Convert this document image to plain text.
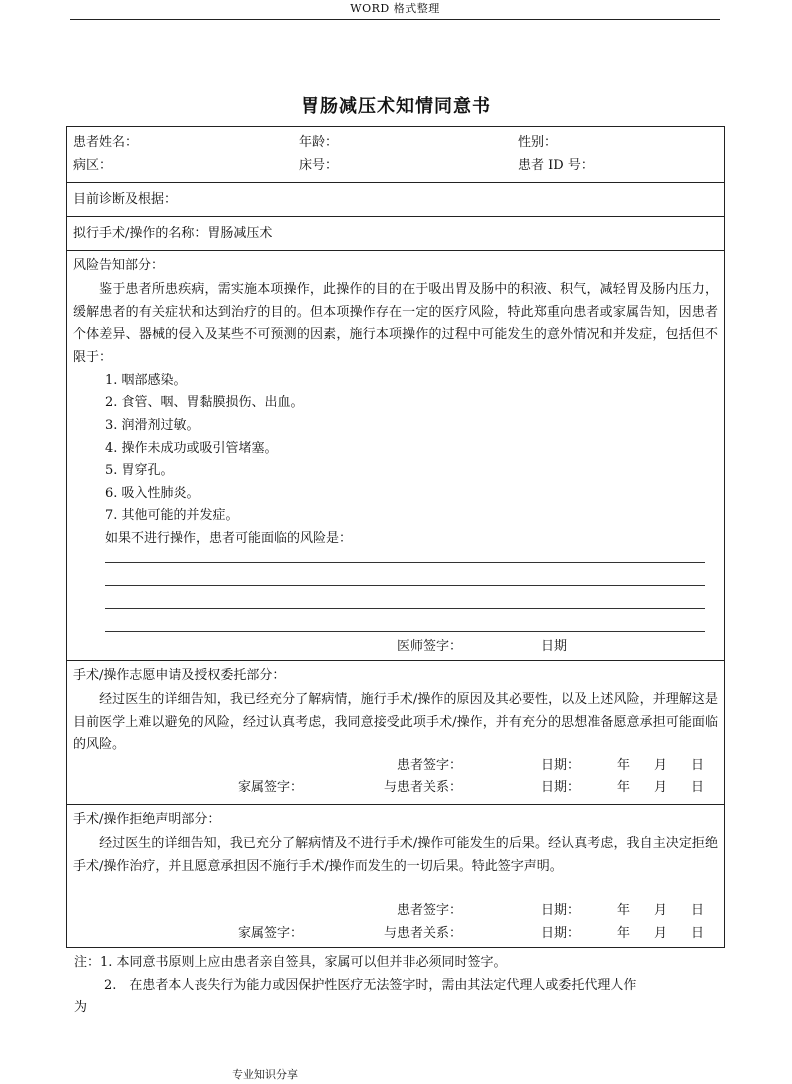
WORD 格式整理
胃肠减压术知情同意书
患者姓名：	年龄：	性别：
病区：	床号：	患者 ID 号：
目前诊断及根据：
拟行手术/操作的名称：胃肠减压术
风险告知部分：
鉴于患者所患疾病，需实施本项操作，此操作的目的在于吸出胃及肠中的积液、积气，减轻胃及肠内压力，缓解患者的有关症状和达到治疗的目的。但本项操作存在一定的医疗风险，特此郑重向患者或家属告知，因患者个体差异、器械的侵入及某些不可预测的因素，施行本项操作的过程中可能发生的意外情况和并发症，包括但不限于：
1. 咽部感染。
2. 食管、咽、胃黏膜损伤、出血。
3. 润滑剂过敏。
4. 操作未成功或吸引管堵塞。
5. 胃穿孔。
6. 吸入性肺炎。
7. 其他可能的并发症。
如果不进行操作，患者可能面临的风险是：
医师签字：	日期
手术/操作志愿申请及授权委托部分：
经过医生的详细告知，我已经充分了解病情，施行手术/操作的原因及其必要性，以及上述风险，并理解这是目前医学上难以避免的风险，经过认真考虑，我同意接受此项手术/操作，并有充分的思想准备愿意承担可能面临的风险。
患者签字：	日期：	年 月 日
家属签字：	与患者关系：	日期：	年 月 日
手术/操作拒绝声明部分：
经过医生的详细告知，我已充分了解病情及不进行手术/操作可能发生的后果。经认真考虑，我自主决定拒绝手术/操作治疗，并且愿意承担因不施行手术/操作而发生的一切后果。特此签字声明。
患者签字：	日期：	年 月 日
家属签字：	与患者关系：	日期：	年 月 日
注：1. 本同意书原则上应由患者亲自签具，家属可以但并非必须同时签字。
2.　在患者本人丧失行为能力或因保护性医疗无法签字时，需由其法定代理人或委托代理人作
为
专业知识分享
